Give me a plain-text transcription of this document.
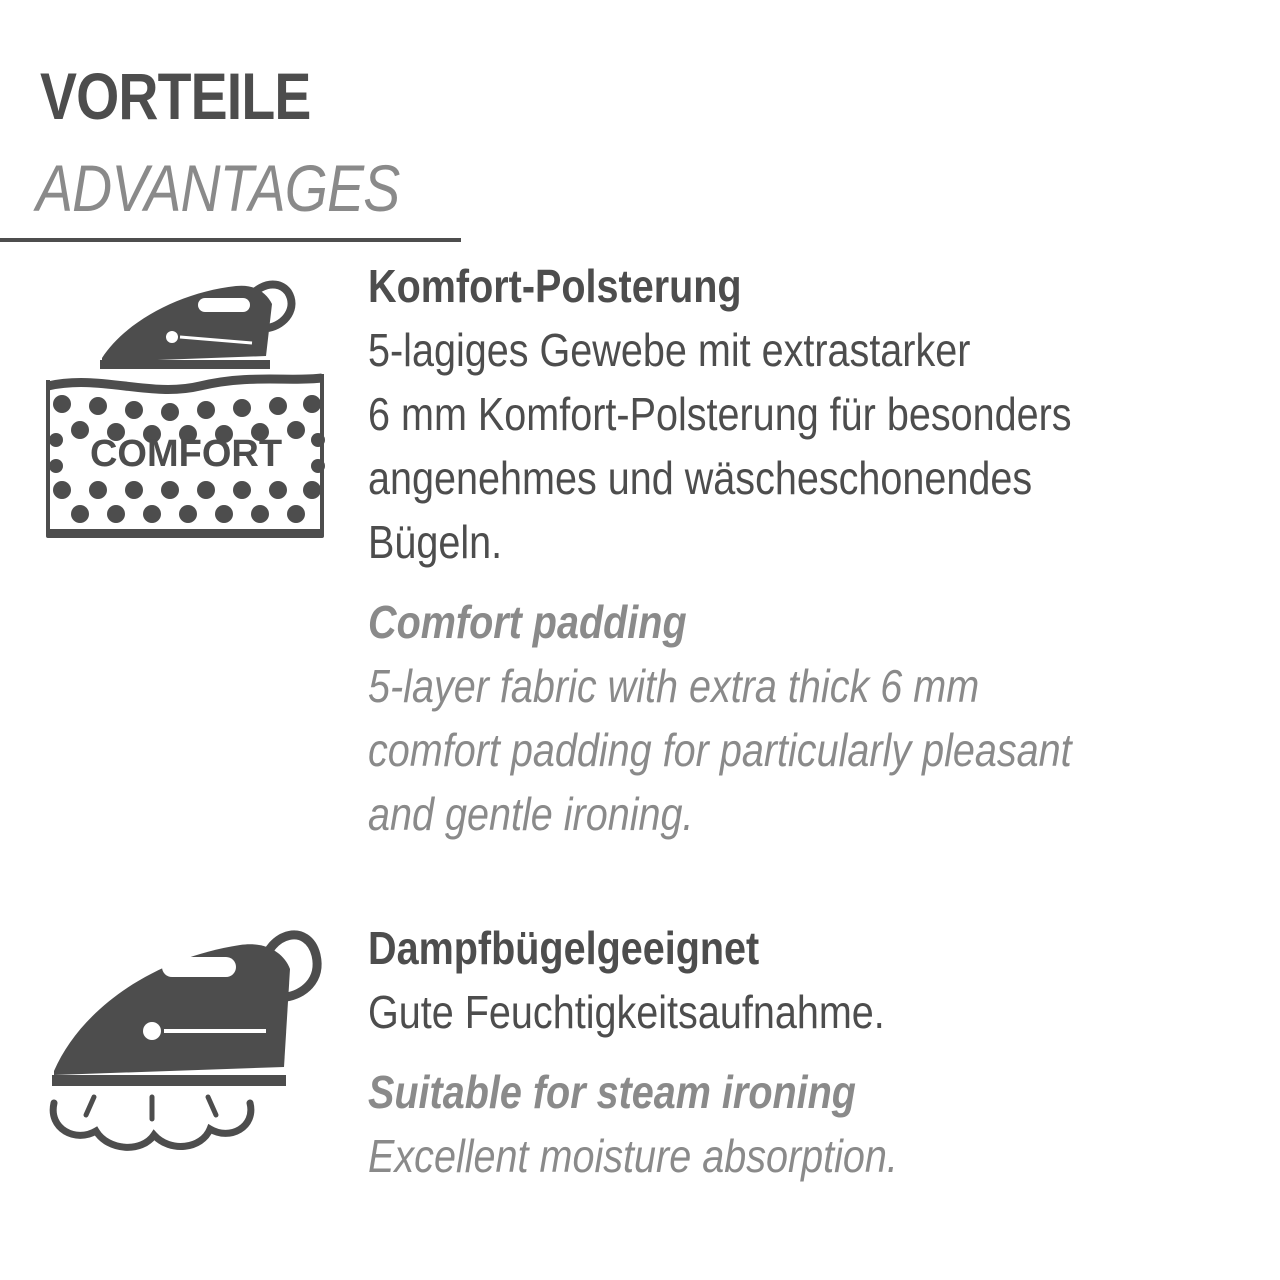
VORTEILE
ADVANTAGES
COMFORT
Komfort-Polsterung
5-lagiges Gewebe mit extrastarker
6 mm Komfort-Polsterung für besonders
angenehmes und wäscheschonendes
Bügeln.
Comfort padding
5-layer fabric with extra thick 6 mm
comfort padding for particularly pleasant
and gentle ironing.
Dampfbügelgeeignet
Gute Feuchtigkeitsaufnahme.
Suitable for steam ironing
Excellent moisture absorption.
